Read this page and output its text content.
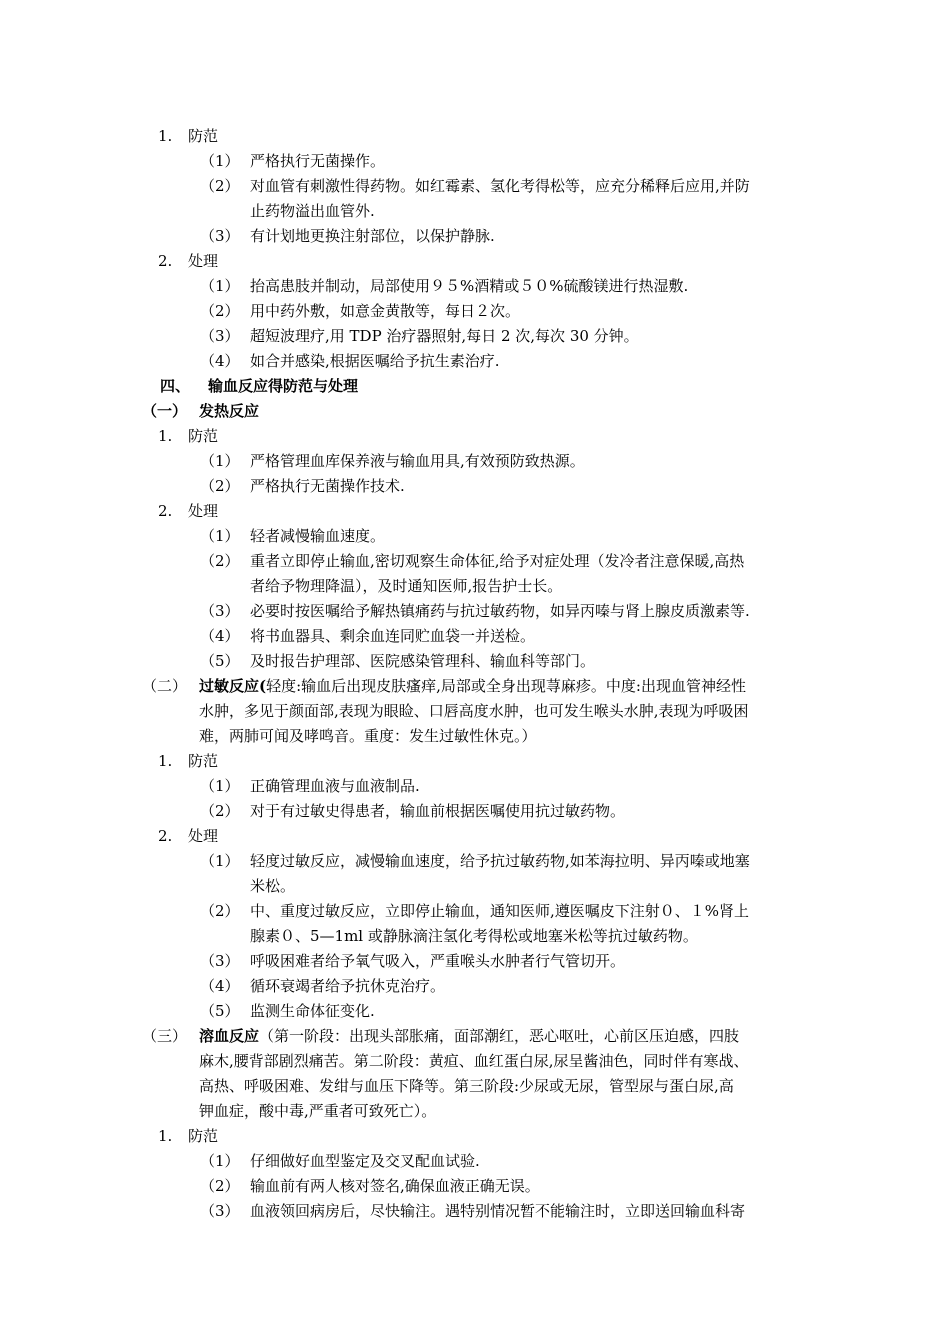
1. 防范
（1） 严格执行无菌操作。
（2） 对血管有刺激性得药物。如红霉素、氢化考得松等，应充分稀释后应用,并防
止药物溢出血管外.
（3） 有计划地更换注射部位，以保护静脉.
2. 处理
（1） 抬高患肢并制动，局部使用９５%酒精或５０%硫酸镁进行热湿敷.
（2） 用中药外敷，如意金黄散等，每日２次。
（3） 超短波理疗,用 TDP 治疗器照射,每日 2 次,每次 30 分钟。
（4） 如合并感染,根据医嘱给予抗生素治疗.
四、 输血反应得防范与处理
（一） 发热反应
1. 防范
（1） 严格管理血库保养液与输血用具,有效预防致热源。
（2） 严格执行无菌操作技术.
2. 处理
（1） 轻者减慢输血速度。
（2） 重者立即停止输血,密切观察生命体征,给予对症处理（发冷者注意保暖,高热
者给予物理降温），及时通知医师,报告护士长。
（3） 必要时按医嘱给予解热镇痛药与抗过敏药物，如异丙嗪与肾上腺皮质激素等.
（4） 将书血器具、剩余血连同贮血袋一并送检。
（5） 及时报告护理部、医院感染管理科、输血科等部门。
（二） 过敏反应(轻度:输血后出现皮肤瘙痒,局部或全身出现荨麻疹。中度:出现血管神经性
水肿，多见于颜面部,表现为眼睑、口唇高度水肿，也可发生喉头水肿,表现为呼吸困
难，两肺可闻及哮鸣音。重度：发生过敏性休克。）
1. 防范
（1） 正确管理血液与血液制品.
（2） 对于有过敏史得患者，输血前根据医嘱使用抗过敏药物。
2. 处理
（1） 轻度过敏反应，减慢输血速度，给予抗过敏药物,如苯海拉明、异丙嗪或地塞
米松。
（2） 中、重度过敏反应，立即停止输血，通知医师,遵医嘱皮下注射０、１%肾上
腺素０、5—1ml 或静脉滴注氢化考得松或地塞米松等抗过敏药物。
（3） 呼吸困难者给予氧气吸入，严重喉头水肿者行气管切开。
（4） 循环衰竭者给予抗休克治疗。
（5） 监测生命体征变化.
（三） 溶血反应（第一阶段：出现头部胀痛，面部潮红，恶心呕吐，心前区压迫感，四肢
麻木,腰背部剧烈痛苦。第二阶段：黄疸、血红蛋白尿,尿呈酱油色，同时伴有寒战、
高热、呼吸困难、发绀与血压下降等。第三阶段:少尿或无尿，管型尿与蛋白尿,高
钾血症，酸中毒,严重者可致死亡）。
1. 防范
（1） 仔细做好血型鉴定及交叉配血试验.
（2） 输血前有两人核对签名,确保血液正确无误。
（3） 血液领回病房后，尽快输注。遇特别情况暂不能输注时，立即送回输血科寄
